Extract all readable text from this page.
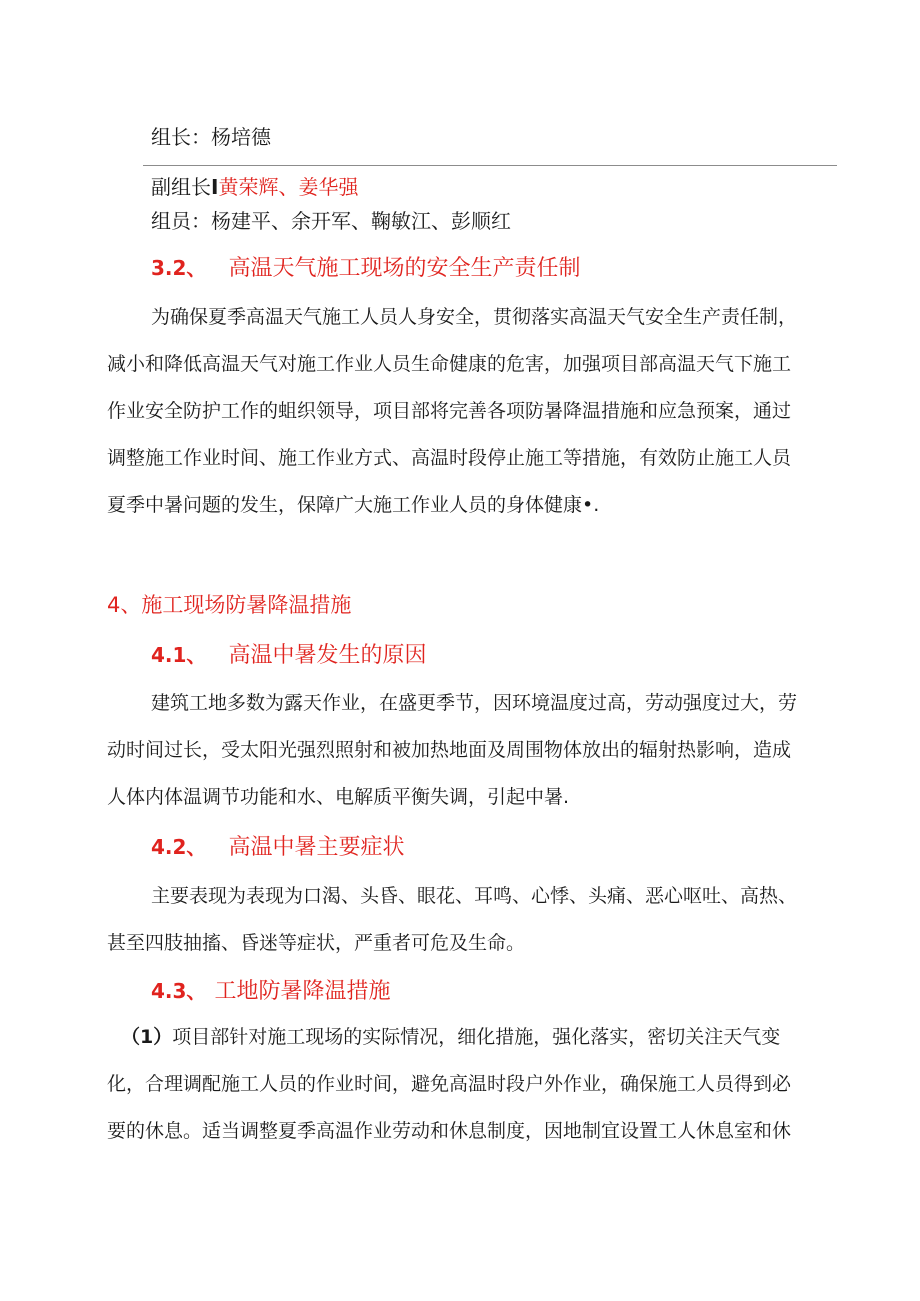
组长：杨培德
副组长I黄荣辉、姜华强
组员：杨建平、余开军、鞠敏江、彭顺红
3.2、 高温天气施工现场的安全生产责任制
为确保夏季高温天气施工人员人身安全，贯彻落实高温天气安全生产责任制，
减小和降低高温天气对施工作业人员生命健康的危害，加强项目部高温天气下施工
作业安全防护工作的蛆织领导，项目部将完善各项防暑降温措施和应急预案，通过
调整施工作业时间、施工作业方式、高温时段停止施工等措施，有效防止施工人员
夏季中暑问题的发生，保障广大施工作业人员的身体健康•.
4、施工现场防暑降温措施
4.1、 高温中暑发生的原因
建筑工地多数为露天作业，在盛更季节，因环境温度过高，劳动强度过大，劳
动时间过长，受太阳光强烈照射和被加热地面及周围物体放出的辐射热影响，造成
人体内体温调节功能和水、电解质平衡失调，引起中暑.
4.2、 高温中暑主要症状
主要表现为表现为口渴、头昏、眼花、耳鸣、心悸、头痛、恶心呕吐、高热、
甚至四肢抽搐、昏迷等症状，严重者可危及生命。
4.3、 工地防暑降温措施
（1）项目部针对施工现场的实际情况，细化措施，强化落实，密切关注天气变
化，合理调配施工人员的作业时间，避免高温时段户外作业，确保施工人员得到必
要的休息。适当调整夏季高温作业劳动和休息制度，因地制宜设置工人休息室和休
